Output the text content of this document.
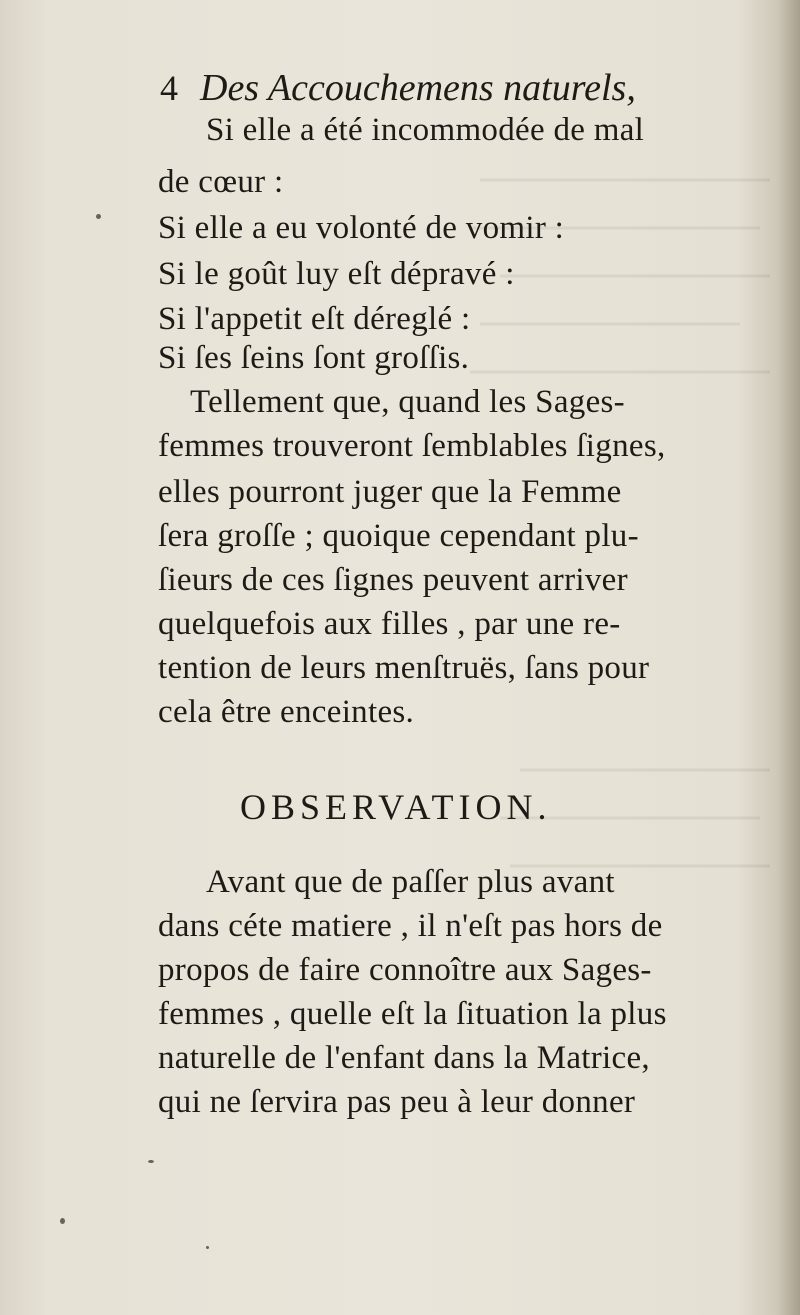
4 Des Accouchemens naturels,
Si elle a été incommodée de mal
de cœur :
Si elle a eu volonté de vomir :
Si le goût luy eſt dépravé :
Si l'appetit eſt déreglé :
Si ſes ſeins ſont groſſis.
Tellement que, quand les Sages-
femmes trouveront ſemblables ſignes,
elles pourront juger que la Femme
ſera groſſe ; quoique cependant plu-
ſieurs de ces ſignes peuvent arriver
quelquefois aux filles , par une re-
tention de leurs menſtruës, ſans pour
cela être enceintes.
OBSERVATION.
Avant que de paſſer plus avant
dans céte matiere , il n'eſt pas hors de
propos de faire connoître aux Sages-
femmes , quelle eſt la ſituation la plus
naturelle de l'enfant dans la Matrice,
qui ne ſervira pas peu à leur donner
